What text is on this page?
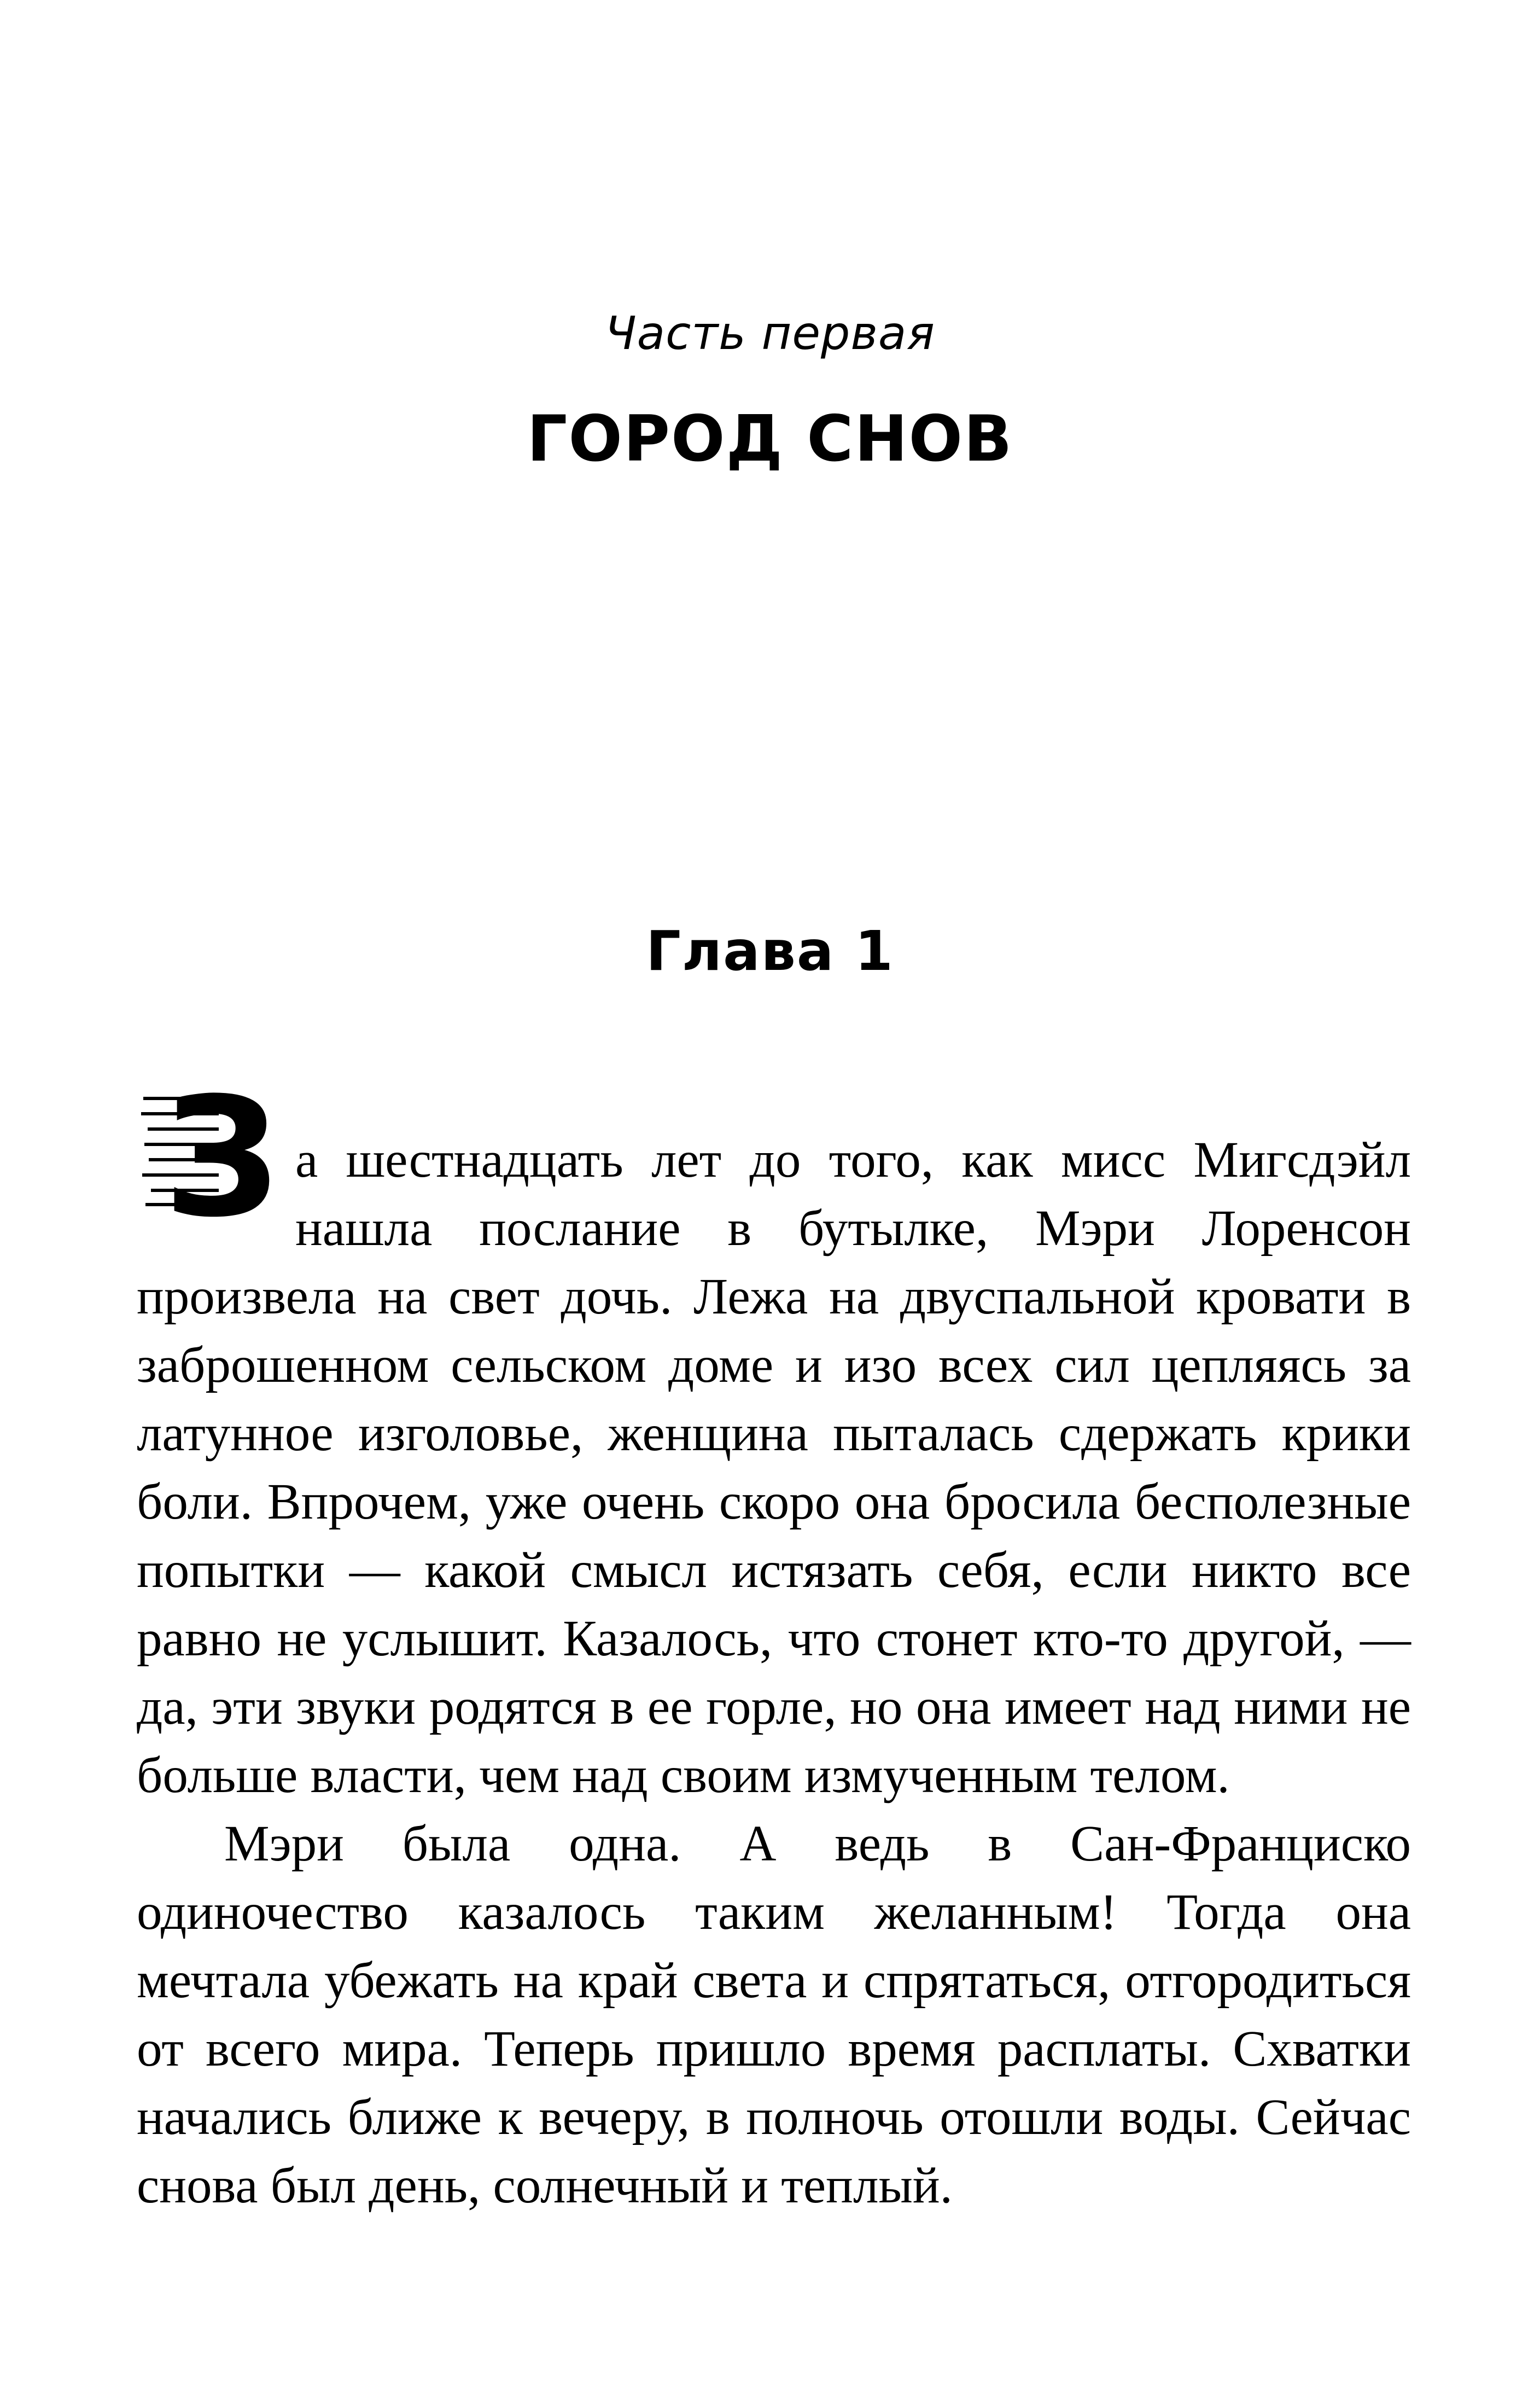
Часть первая
ГОРОД СНОВ
Глава 1

З а шестнадцать лет до того, как мисс Мигсдэйл нашла послание в бутылке, Мэри Лоренсон произвела на свет дочь. Лежа на двуспальной кровати в заброшенном сельском доме и изо всех сил цепляясь за латунное изголовье, женщина пыталась сдержать крики боли. Впрочем, уже очень скоро она бросила бесполезные попытки — какой смысл истязать себя, если никто все равно не услышит. Казалось, что стонет кто-то другой, — да, эти звуки родятся в ее горле, но она имеет над ними не больше власти, чем над своим измученным телом.

Мэри была одна. А ведь в Сан-Франциско одиночество казалось таким желанным! Тогда она мечтала убежать на край света и спрятаться, отгородиться от всего мира. Теперь пришло время расплаты. Схватки начались ближе к вечеру, в полночь отошли воды. Сейчас снова был день, солнечный и теплый.
